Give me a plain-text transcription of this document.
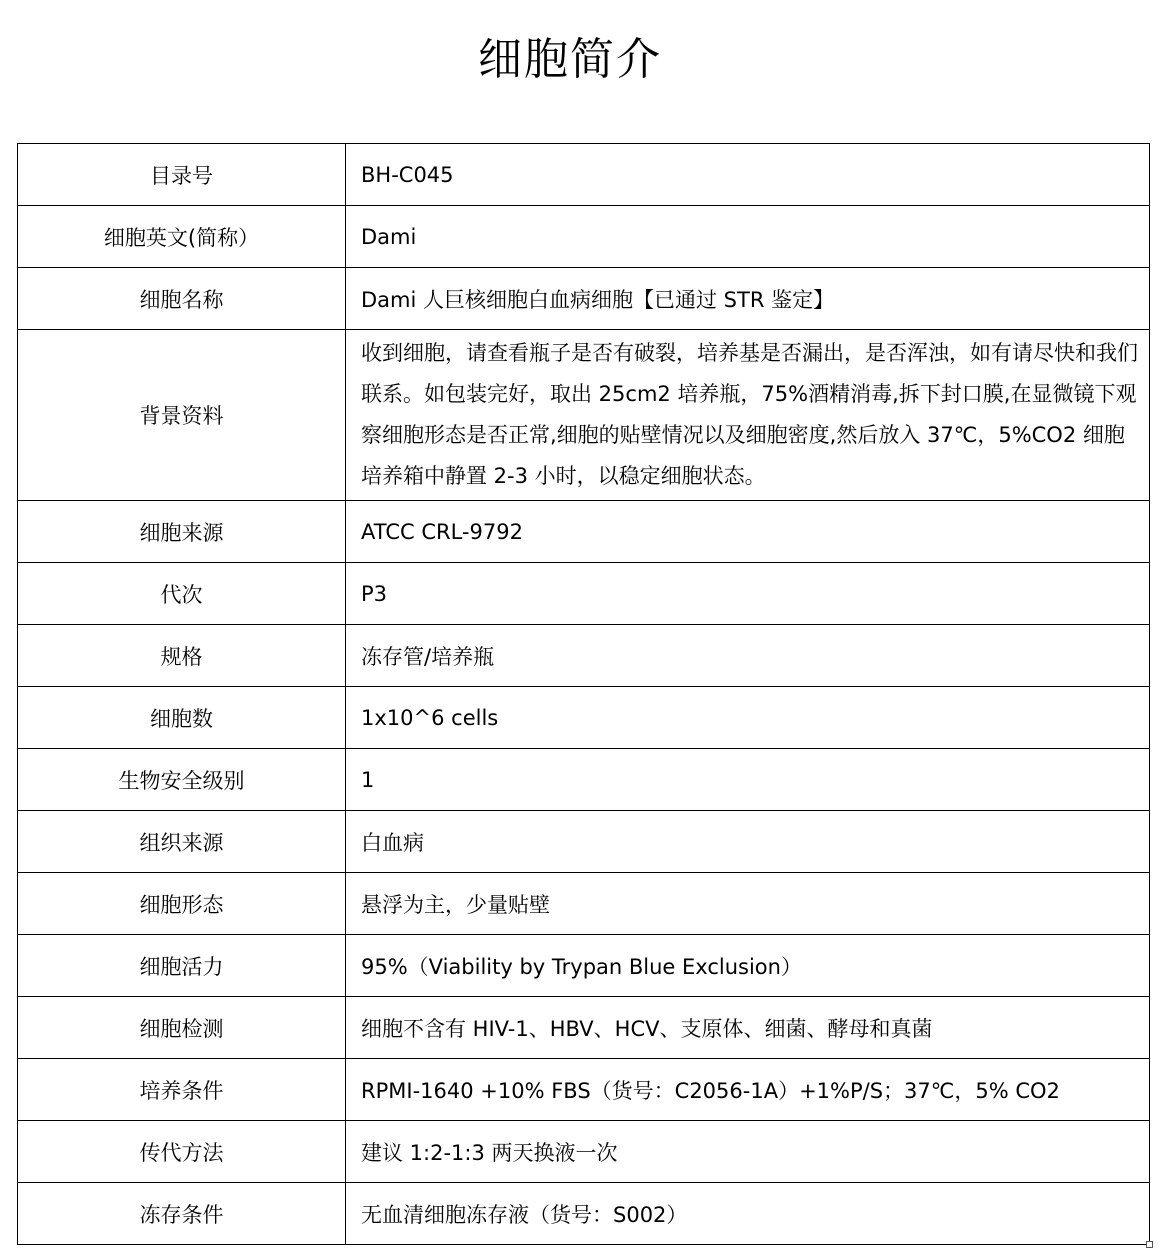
细胞简介
目录号	BH-C045
细胞英文(简称）	Dami
细胞名称	Dami 人巨核细胞白血病细胞【已通过 STR 鉴定】
背景资料	收到细胞，请查看瓶子是否有破裂，培养基是否漏出，是否浑浊，如有请尽快和我们联系。如包装完好，取出 25cm2 培养瓶，75%酒精消毒,拆下封口膜,在显微镜下观察细胞形态是否正常,细胞的贴壁情况以及细胞密度,然后放入 37℃，5%CO2 细胞培养箱中静置 2-3 小时，以稳定细胞状态。
细胞来源	ATCC CRL-9792
代次	P3
规格	冻存管/培养瓶
细胞数	1x10^6 cells
生物安全级别	1
组织来源	白血病
细胞形态	悬浮为主，少量贴壁
细胞活力	95%（Viability by Trypan Blue Exclusion）
细胞检测	细胞不含有 HIV-1、HBV、HCV、支原体、细菌、酵母和真菌
培养条件	RPMI-1640 +10% FBS（货号：C2056-1A）+1%P/S；37℃，5% CO2
传代方法	建议 1:2-1:3 两天换液一次
冻存条件	无血清细胞冻存液（货号：S002）
